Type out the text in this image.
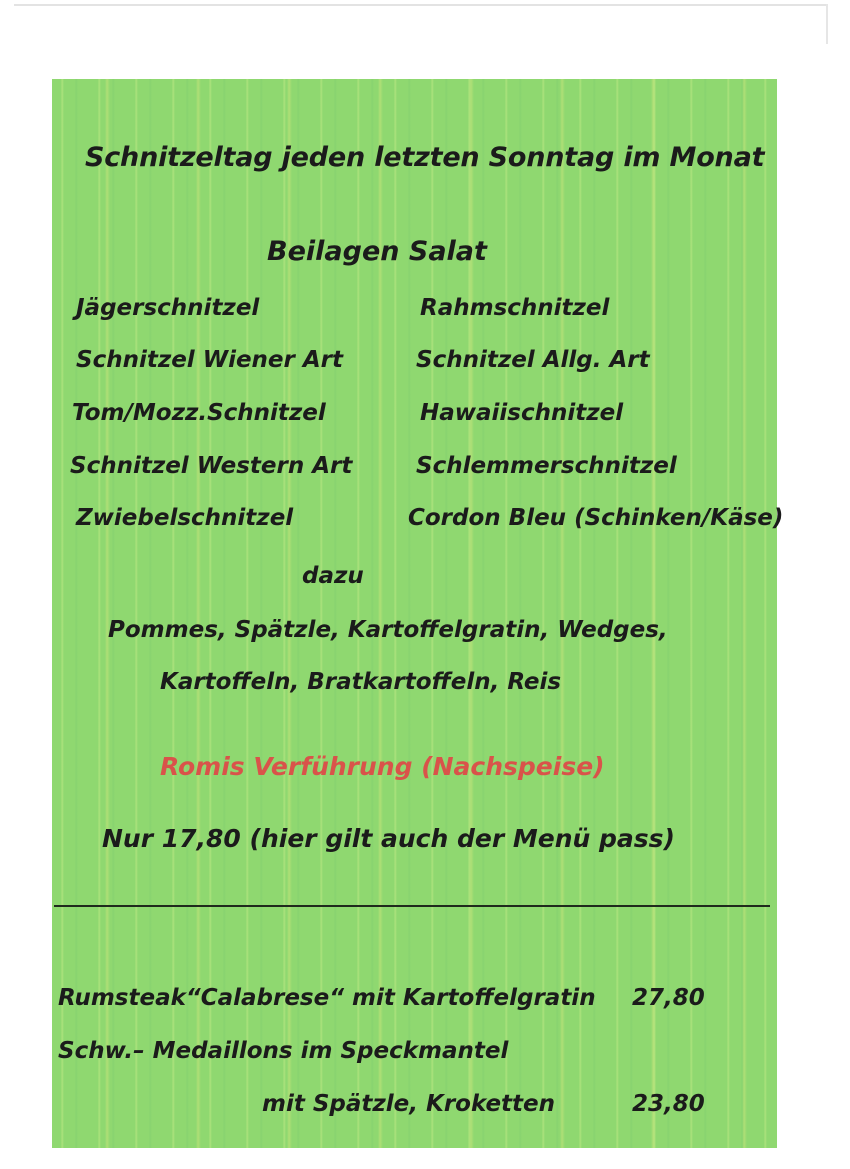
Schnitzeltag jeden letzten Sonntag im Monat

Beilagen Salat

Jägerschnitzel

Schnitzel Wiener Art

Tom/Mozz.Schnitzel

Schnitzel Western Art

Zwiebelschnitzel

Rahmschnitzel

Schnitzel Allg. Art

Hawaiischnitzel

Schlemmerschnitzel

Cordon Bleu (Schinken/Käse)

dazu

Pommes, Spätzle, Kartoffelgratin, Wedges,

Kartoffeln, Bratkartoffeln, Reis

Romis Verführung (Nachspeise)

Nur 17,80 (hier gilt auch der Menü pass)

Rumsteak“Calabrese“ mit Kartoffelgratin 27,80

Schw.– Medaillons im Speckmantel

mit Spätzle, Kroketten	23,80
